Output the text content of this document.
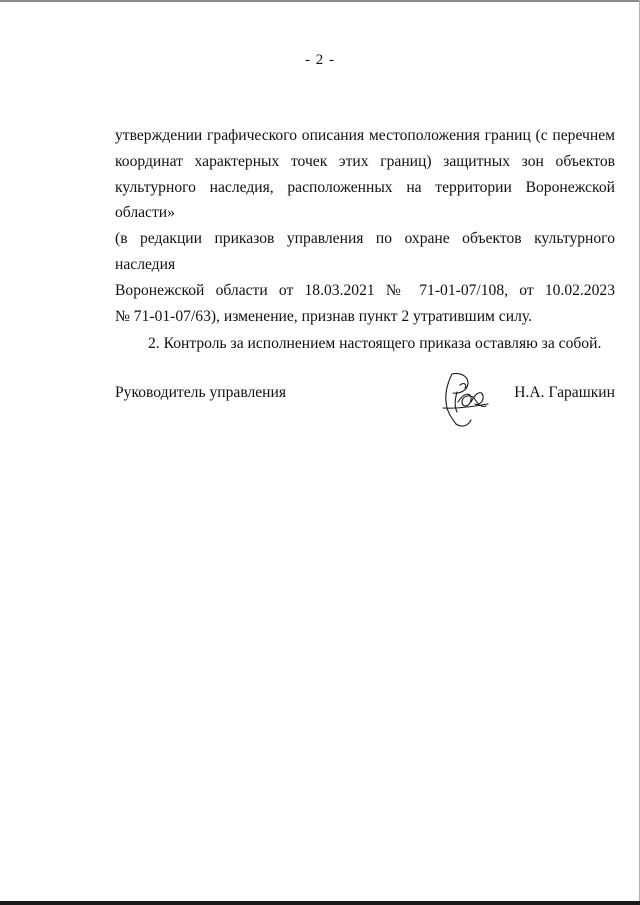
- 2 -
утверждении графического описания местоположения границ (с перечнем
координат характерных точек этих границ) защитных зон объектов
культурного наследия, расположенных на территории Воронежской области»
(в редакции приказов управления по охране объектов культурного наследия
Воронежской области от 18.03.2021 № 71-01-07/108, от 10.02.2023
№ 71-01-07/63), изменение, признав пункт 2 утратившим силу.
2. Контроль за исполнением настоящего приказа оставляю за собой.
Руководитель управления	Н.А. Гарашкин
